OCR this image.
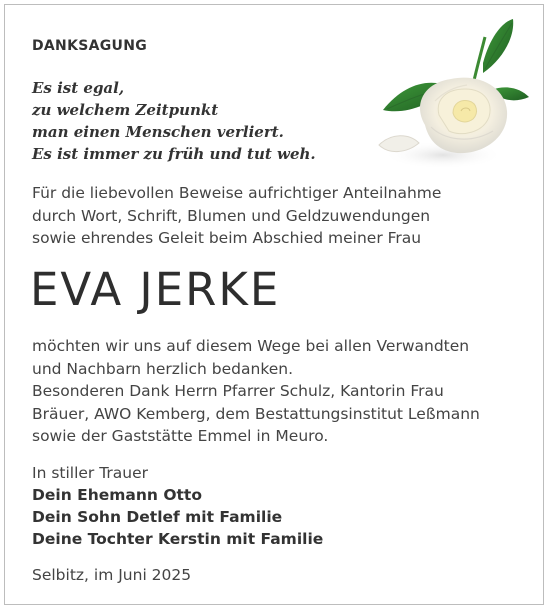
DANKSAGUNG
Es ist egal,
zu welchem Zeitpunkt
man einen Menschen verliert.
Es ist immer zu früh und tut weh.
Für die liebevollen Beweise aufrichtiger Anteilnahme
durch Wort, Schrift, Blumen und Geldzuwendungen
sowie ehrendes Geleit beim Abschied meiner Frau
EVA JERKE
möchten wir uns auf diesem Wege bei allen Verwandten
und Nachbarn herzlich bedanken.
Besonderen Dank Herrn Pfarrer Schulz, Kantorin Frau
Bräuer, AWO Kemberg, dem Bestattungsinstitut Leßmann
sowie der Gaststätte Emmel in Meuro.
In stiller Trauer
Dein Ehemann Otto
Dein Sohn Detlef mit Familie
Deine Tochter Kerstin mit Familie
Selbitz, im Juni 2025
